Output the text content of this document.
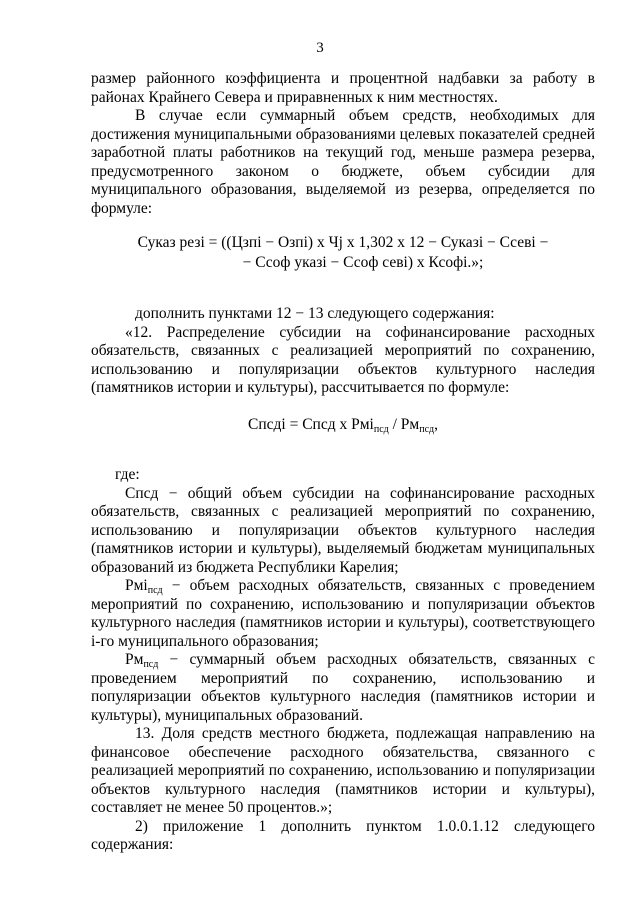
3

размер районного коэффициента и процентной надбавки за работу в районах Крайнего Севера и приравненных к ним местностях.

В случае если суммарный объем средств, необходимых для достижения муниципальными образованиями целевых показателей средней заработной платы работников на текущий год, меньше размера резерва, предусмотренного законом о бюджете, объем субсидии для муниципального образования, выделяемой из резерва, определяется по формуле:

Суказ резi = ((Цзпi − Озпi) х Чj х 1,302 х 12 − Суказi − Ссевi −
− Ссоф указi − Ссоф севi) х Ксофi.»;

дополнить пунктами 12 − 13 следующего содержания:

«12. Распределение субсидии на софинансирование расходных обязательств, связанных с реализацией мероприятий по сохранению, использованию и популяризации объектов культурного наследия (памятников истории и культуры), рассчитывается по формуле:

Спсдi = Спсд х $Рмi_{псд} / Рм_{псд}$,

где:

Спсд − общий объем субсидии на софинансирование расходных обязательств, связанных с реализацией мероприятий по сохранению, использованию и популяризации объектов культурного наследия (памятников истории и культуры), выделяемый бюджетам муниципальных образований из бюджета Республики Карелия;

Рмi$_{псд}$ − объем расходных обязательств, связанных с проведением мероприятий по сохранению, использованию и популяризации объектов культурного наследия (памятников истории и культуры), соответствующего i-го муниципального образования;

$Рм_{псд}$ − суммарный объем расходных обязательств, связанных с проведением мероприятий по сохранению, использованию и популяризации объектов культурного наследия (памятников истории и культуры), муниципальных образований.

13. Доля средств местного бюджета, подлежащая направлению на финансовое обеспечение расходного обязательства, связанного с реализацией мероприятий по сохранению, использованию и популяризации объектов культурного наследия (памятников истории и культуры), составляет не менее 50 процентов.»;

2) приложение 1 дополнить пунктом 1.0.0.1.12 следующего содержания:
